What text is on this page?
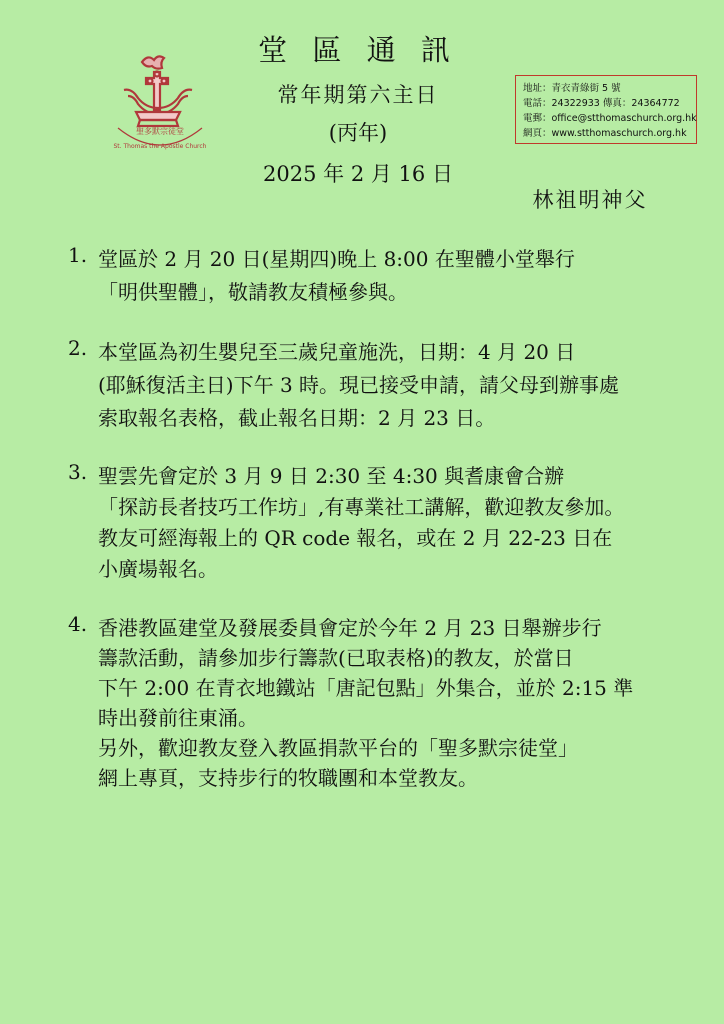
聖多默宗徒堂
St. Thomas the Apostle Church
堂 區 通 訊
常年期第六主日
(丙年)
2025 年 2 月 16 日
地址：青衣青綠街 5 號
電話：24322933 傳真：24364772
電郵：office@stthomaschurch.org.hk
網頁：www.stthomaschurch.org.hk
林祖明神父
1. 堂區於 2 月 20 日(星期四)晚上 8:00 在聖體小堂舉行
「明供聖體」，敬請教友積極參與。
2. 本堂區為初生嬰兒至三歲兒童施洗，日期：4 月 20 日
(耶穌復活主日)下午 3 時。現已接受申請，請父母到辦事處
索取報名表格，截止報名日期：2 月 23 日。
3. 聖雲先會定於 3 月 9 日 2:30 至 4:30 與耆康會合辦
「探訪長者技巧工作坊」,有專業社工講解，歡迎教友參加。
教友可經海報上的 QR code 報名，或在 2 月 22-23 日在
小廣場報名。
4. 香港教區建堂及發展委員會定於今年 2 月 23 日舉辦步行
籌款活動，請參加步行籌款(已取表格)的教友，於當日
下午 2:00 在青衣地鐵站「唐記包點」外集合，並於 2:15 準
時出發前往東涌。
另外，歡迎教友登入教區捐款平台的「聖多默宗徒堂」
網上專頁，支持步行的牧職團和本堂教友。
